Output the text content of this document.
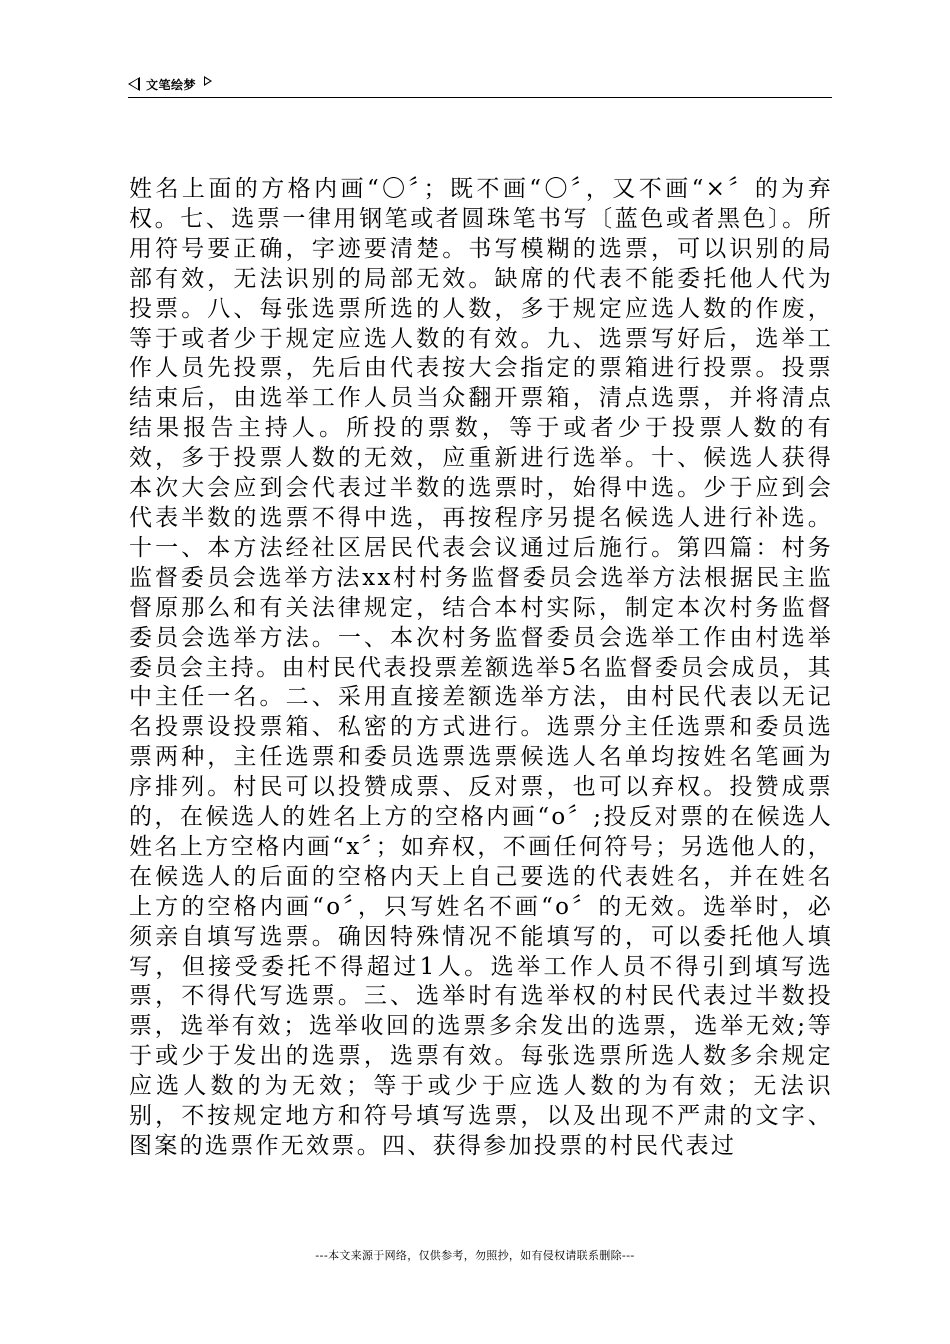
文笔绘梦

姓名上面的方格内画“〇〞；既不画“〇〞，又不画“×〞的为弃权。七、选票一律用钢笔或者圆珠笔书写〔蓝色或者黑色〕。所用符号要正确，字迹要清楚。书写模糊的选票，可以识别的局部有效，无法识别的局部无效。缺席的代表不能委托他人代为投票。八、每张选票所选的人数，多于规定应选人数的作废，等于或者少于规定应选人数的有效。九、选票写好后，选举工作人员先投票，先后由代表按大会指定的票箱进行投票。投票结束后，由选举工作人员当众翻开票箱，清点选票，并将清点结果报告主持人。所投的票数，等于或者少于投票人数的有效，多于投票人数的无效，应重新进行选举。十、候选人获得本次大会应到会代表过半数的选票时，始得中选。少于应到会代表半数的选票不得中选，再按程序另提名候选人进行补选。十一、本方法经社区居民代表会议通过后施行。第四篇：村务监督委员会选举方法xx村村务监督委员会选举方法根据民主监督原那么和有关法律规定，结合本村实际，制定本次村务监督委员会选举方法。一、本次村务监督委员会选举工作由村选举委员会主持。由村民代表投票差额选举5名监督委员会成员，其中主任一名。二、采用直接差额选举方法，由村民代表以无记名投票设投票箱、私密的方式进行。选票分主任选票和委员选票两种，主任选票和委员选票选票候选人名单均按姓名笔画为序排列。村民可以投赞成票、反对票，也可以弃权。投赞成票的，在候选人的姓名上方的空格内画“o〞;投反对票的在候选人姓名上方空格内画“x〞；如弃权，不画任何符号；另选他人的，在候选人的后面的空格内天上自己要选的代表姓名，并在姓名上方的空格内画“o〞，只写姓名不画“o〞的无效。选举时，必须亲自填写选票。确因特殊情况不能填写的，可以委托他人填写，但接受委托不得超过1人。选举工作人员不得引到填写选票，不得代写选票。三、选举时有选举权的村民代表过半数投票，选举有效；选举收回的选票多余发出的选票，选举无效;等于或少于发出的选票，选票有效。每张选票所选人数多余规定应选人数的为无效；等于或少于应选人数的为有效；无法识别，不按规定地方和符号填写选票，以及出现不严肃的文字、图案的选票作无效票。四、获得参加投票的村民代表过

---本文来源于网络，仅供参考，勿照抄，如有侵权请联系删除---
